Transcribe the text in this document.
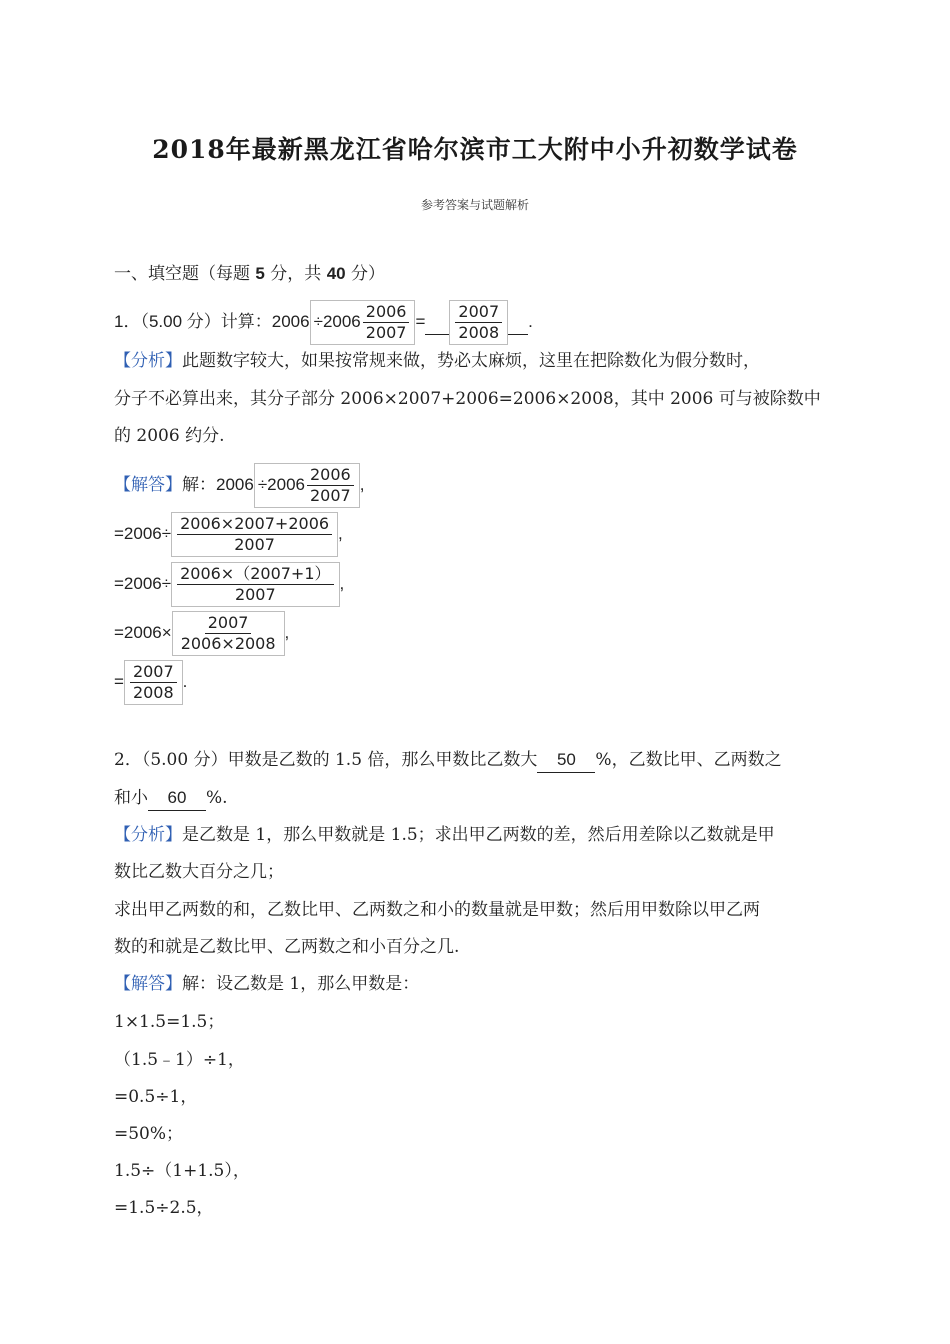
2018年最新黑龙江省哈尔滨市工大附中小升初数学试卷
参考答案与试题解析
一、填空题（每题 5 分，共 40 分）
1．（5.00 分）计算：$2006 \div 2006 \frac{2006}{2007} = \frac{2007}{2008}$ .
【分析】此题数字较大，如果按常规来做，势必太麻烦，这里在把除数化为假分数时，
分子不必算出来，其分子部分 2006×2007+2006=2006×2008，其中 2006 可与被除数中
的 2006 约分.
【解答】解：$2006 \div 2006 \frac{2006}{2007}$ ,
$=2006\div \frac{2006\times 2007+2006}{2007}$ ,
$=2006\div \frac{2006\times(2007+1)}{2007}$ ,
$=2006\times \frac{2007}{2006\times 2008}$ ,
= $\frac{2007}{2008}$ .
2．（5.00 分）甲数是乙数的 1.5 倍，那么甲数比乙数大 50 %，乙数比甲、乙两数之
和小 60 %.
【分析】是乙数是 1，那么甲数就是 1.5；求出甲乙两数的差，然后用差除以乙数就是甲
数比乙数大百分之几；
求出甲乙两数的和，乙数比甲、乙两数之和小的数量就是甲数；然后用甲数除以甲乙两
数的和就是乙数比甲、乙两数之和小百分之几.
【解答】解：设乙数是 1，那么甲数是：
1×1.5=1.5；
（1.5﹣1）÷1，
=0.5÷1，
=50%；
1.5÷（1+1.5），
=1.5÷2.5，
